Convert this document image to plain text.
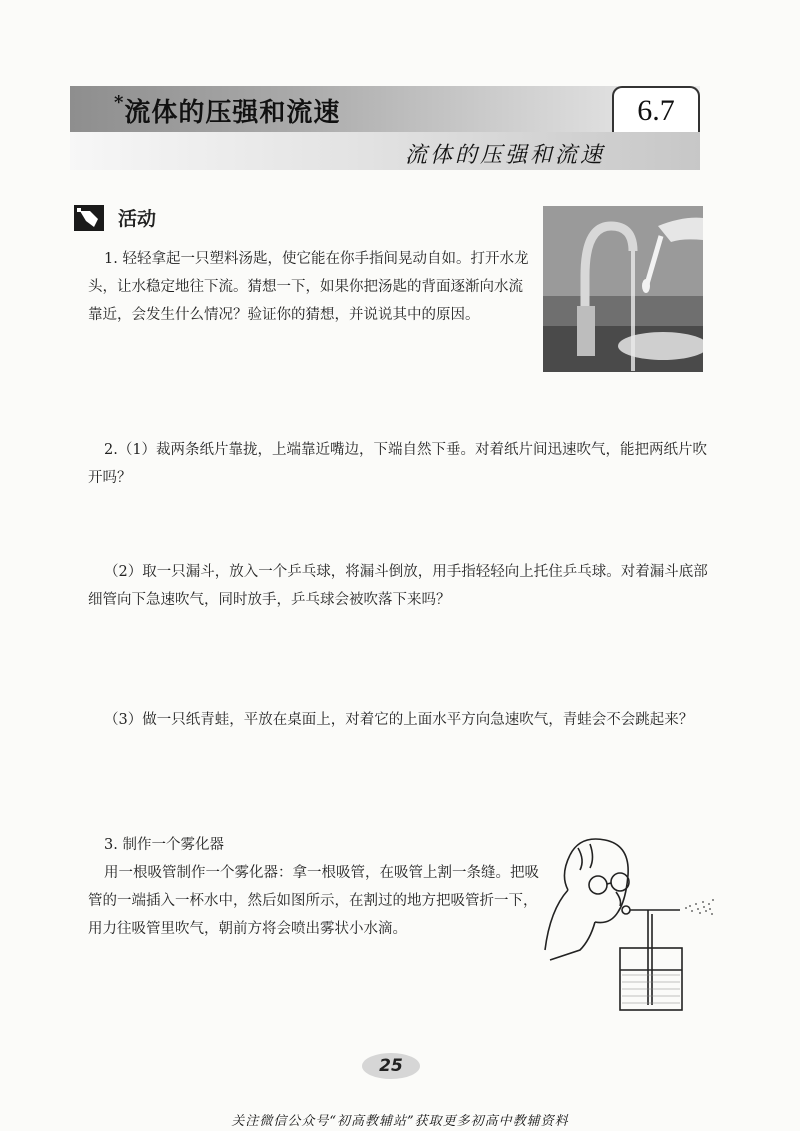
*流体的压强和流速	6.7
流体的压强和流速
活动
1. 轻轻拿起一只塑料汤匙，使它能在你手指间晃动自如。打开水龙头，让水稳定地往下流。猜想一下，如果你把汤匙的背面逐渐向水流靠近，会发生什么情况？验证你的猜想，并说说其中的原因。
2.（1）裁两条纸片靠拢，上端靠近嘴边，下端自然下垂。对着纸片间迅速吹气，能把两纸片吹开吗？
（2）取一只漏斗，放入一个乒乓球，将漏斗倒放，用手指轻轻向上托住乒乓球。对着漏斗底部细管向下急速吹气，同时放手，乒乓球会被吹落下来吗？
（3）做一只纸青蛙，平放在桌面上，对着它的上面水平方向急速吹气，青蛙会不会跳起来？
3. 制作一个雾化器
用一根吸管制作一个雾化器：拿一根吸管，在吸管上割一条缝。把吸管的一端插入一杯水中，然后如图所示，在割过的地方把吸管折一下，用力往吸管里吹气，朝前方将会喷出雾状小水滴。
25
关注微信公众号“初高教辅站”获取更多初高中教辅资料
